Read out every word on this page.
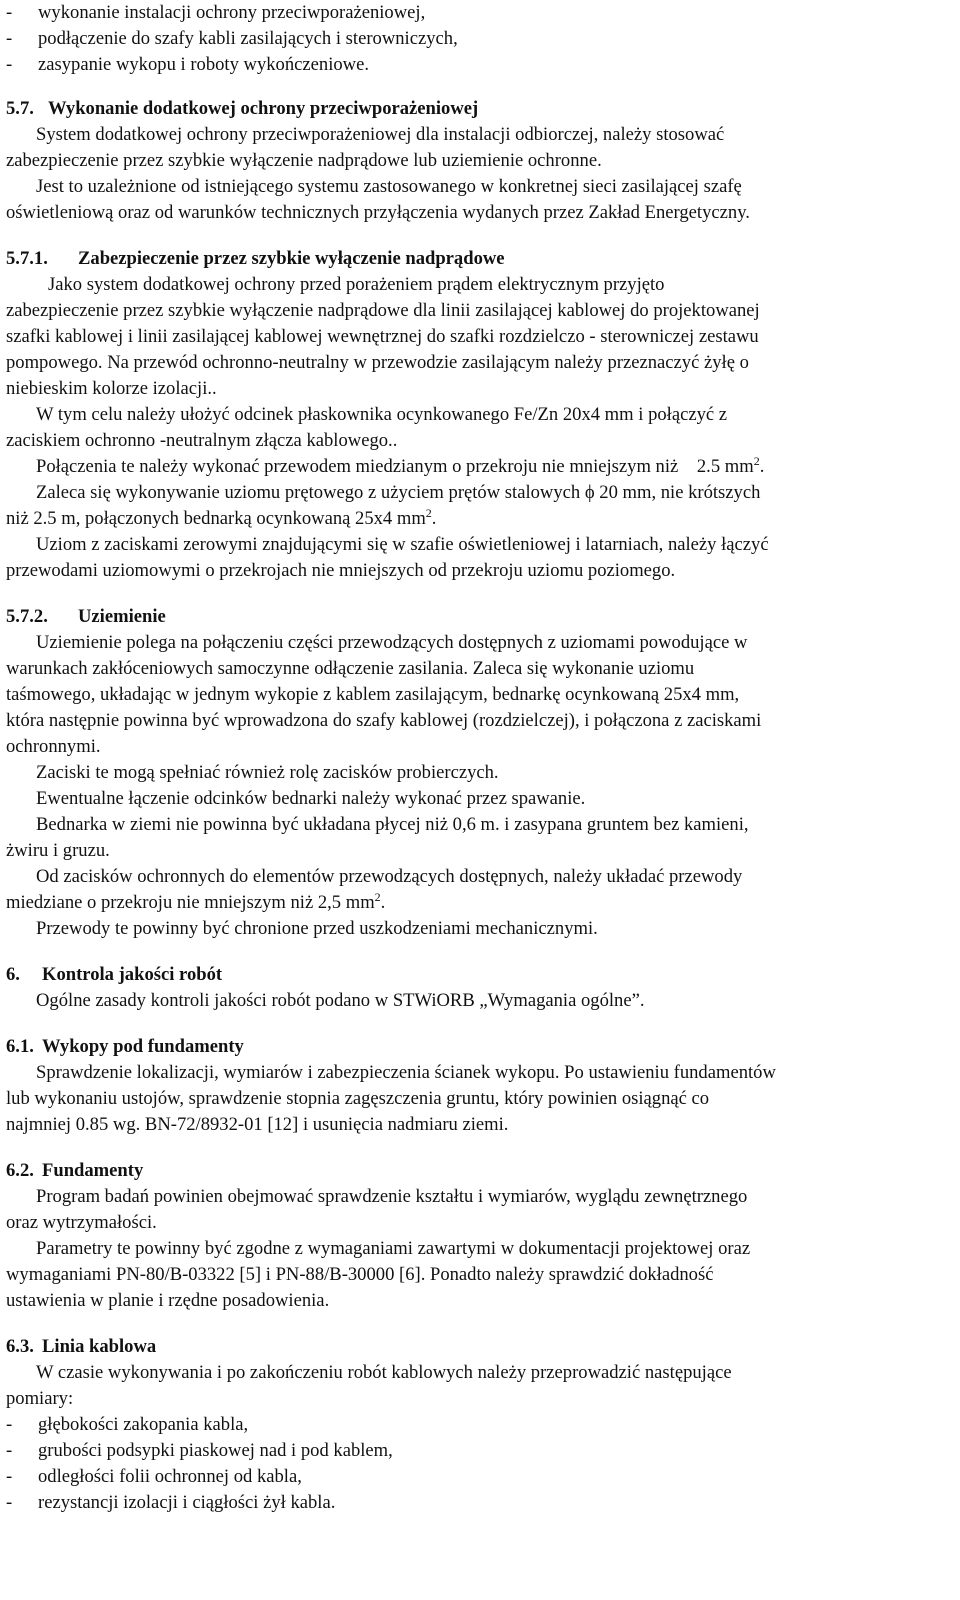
- wykonanie instalacji ochrony przeciwporażeniowej,
- podłączenie do szafy kabli zasilających i sterowniczych,
- zasypanie wykopu i roboty wykończeniowe.
5.7. Wykonanie dodatkowej ochrony przeciwporażeniowej
System dodatkowej ochrony przeciwporażeniowej dla instalacji odbiorczej, należy stosować
zabezpieczenie przez szybkie wyłączenie nadprądowe lub uziemienie ochronne.
Jest to uzależnione od istniejącego systemu zastosowanego w konkretnej sieci zasilającej szafę
oświetleniową oraz od warunków technicznych przyłączenia wydanych przez Zakład Energetyczny.
5.7.1. Zabezpieczenie przez szybkie wyłączenie nadprądowe
Jako system dodatkowej ochrony przed porażeniem prądem elektrycznym przyjęto
zabezpieczenie przez szybkie wyłączenie nadprądowe dla linii zasilającej kablowej do projektowanej
szafki kablowej i linii zasilającej kablowej wewnętrznej do szafki rozdzielczo - sterowniczej zestawu
pompowego. Na przewód ochronno-neutralny w przewodzie zasilającym należy przeznaczyć żyłę o
niebieskim kolorze izolacji..
W tym celu należy ułożyć odcinek płaskownika ocynkowanego Fe/Zn 20x4 mm i połączyć z
zaciskiem ochronno -neutralnym złącza kablowego..
Połączenia te należy wykonać przewodem miedzianym o przekroju nie mniejszym niż    2.5 $mm^2$.
Zaleca się wykonywanie uziomu prętowego z użyciem prętów stalowych ϕ 20 mm, nie krótszych
niż 2.5 m, połączonych bednarką ocynkowaną 25x4 $mm^2$.
Uziom z zaciskami zerowymi znajdującymi się w szafie oświetleniowej i latarniach, należy łączyć
przewodami uziomowymi o przekrojach nie mniejszych od przekroju uziomu poziomego.
5.7.2. Uziemienie
Uziemienie polega na połączeniu części przewodzących dostępnych z uziomami powodujące w
warunkach zakłóceniowych samoczynne odłączenie zasilania. Zaleca się wykonanie uziomu
taśmowego, układając w jednym wykopie z kablem zasilającym, bednarkę ocynkowaną 25x4 mm,
która następnie powinna być wprowadzona do szafy kablowej (rozdzielczej), i połączona z zaciskami
ochronnymi.
Zaciski te mogą spełniać również rolę zacisków probierczych.
Ewentualne łączenie odcinków bednarki należy wykonać przez spawanie.
Bednarka w ziemi nie powinna być układana płycej niż 0,6 m. i zasypana gruntem bez kamieni,
żwiru i gruzu.
Od zacisków ochronnych do elementów przewodzących dostępnych, należy układać przewody
miedziane o przekroju nie mniejszym niż 2,5 $mm^2$.
Przewody te powinny być chronione przed uszkodzeniami mechanicznymi.
6. Kontrola jakości robót
Ogólne zasady kontroli jakości robót podano w STWiORB „Wymagania ogólne”.
6.1. Wykopy pod fundamenty
Sprawdzenie lokalizacji, wymiarów i zabezpieczenia ścianek wykopu. Po ustawieniu fundamentów
lub wykonaniu ustojów, sprawdzenie stopnia zagęszczenia gruntu, który powinien osiągnąć co
najmniej 0.85 wg. BN-72/8932-01 [12] i usunięcia nadmiaru ziemi.
6.2. Fundamenty
Program badań powinien obejmować sprawdzenie kształtu i wymiarów, wyglądu zewnętrznego
oraz wytrzymałości.
Parametry te powinny być zgodne z wymaganiami zawartymi w dokumentacji projektowej oraz
wymaganiami PN-80/B-03322 [5] i PN-88/B-30000 [6]. Ponadto należy sprawdzić dokładność
ustawienia w planie i rzędne posadowienia.
6.3. Linia kablowa
W czasie wykonywania i po zakończeniu robót kablowych należy przeprowadzić następujące
pomiary:
- głębokości zakopania kabla,
- grubości podsypki piaskowej nad i pod kablem,
- odległości folii ochronnej od kabla,
- rezystancji izolacji i ciągłości żył kabla.
